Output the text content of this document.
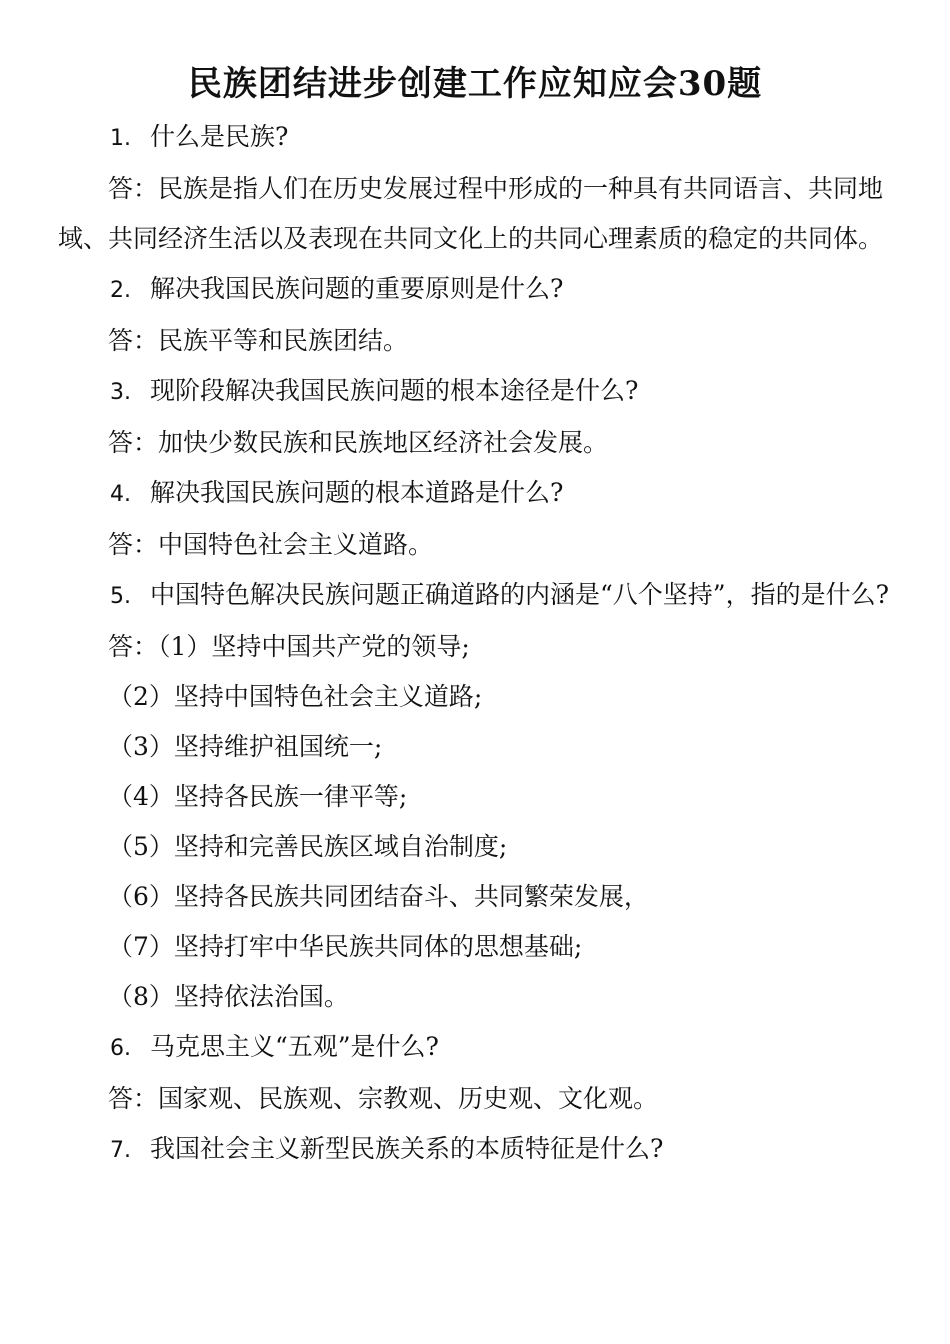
民族团结进步创建工作应知应会30题

1. 什么是民族?

答：民族是指人们在历史发展过程中形成的一种具有共同语言、共同地域、共同经济生活以及表现在共同文化上的共同心理素质的稳定的共同体。

2. 解决我国民族问题的重要原则是什么?

答：民族平等和民族团结。

3. 现阶段解决我国民族问题的根本途径是什么?

答：加快少数民族和民族地区经济社会发展。

4. 解决我国民族问题的根本道路是什么?

答：中国特色社会主义道路。

5. 中国特色解决民族问题正确道路的内涵是“八个坚持”，指的是什么?

答：（1）坚持中国共产党的领导;

（2）坚持中国特色社会主义道路;

（3）坚持维护祖国统一;

（4）坚持各民族一律平等;

（5）坚持和完善民族区域自治制度;

（6）坚持各民族共同团结奋斗、共同繁荣发展，

（7）坚持打牢中华民族共同体的思想基础;

（8）坚持依法治国。

6. 马克思主义“五观”是什么?

答：国家观、民族观、宗教观、历史观、文化观。

7. 我国社会主义新型民族关系的本质特征是什么?
